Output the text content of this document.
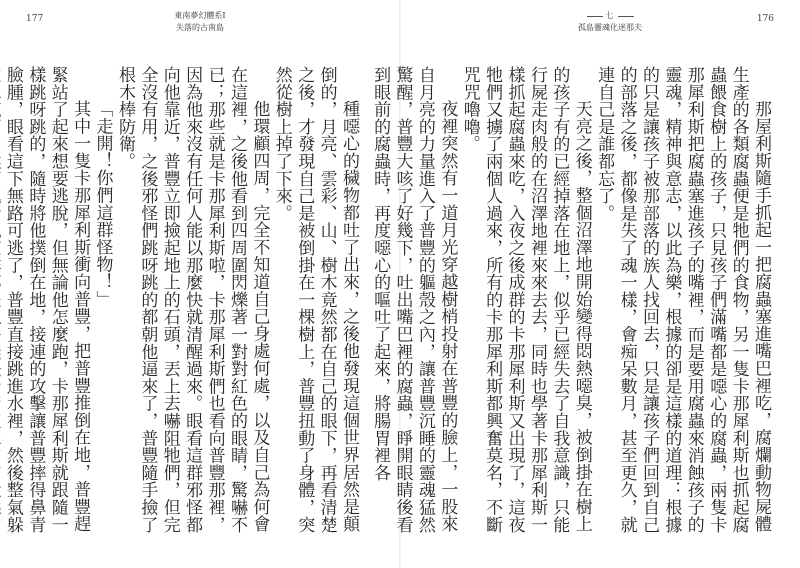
177	東南夢幻體系Ⅰ
失落的古南島

種噁心的穢物都吐了出來，之後他發現這個世界居然是顛倒的，月亮、雲彩、山、樹木竟然都在自己的眼下，再看清楚之後，才發現自己是被倒掛在一棵樹上，普豐扭動了身體，突然從樹上掉了下來。

他環顧四周，完全不知道自己身處何處，以及自己為何會在這裡，之後他看到四周圍閃爍著一對對紅色的眼睛，驚嚇不已；那些就是卡那犀利斯啦，卡那犀利斯們也看向普豐那裡，因為他來沒有任何人能以那麼快就清醒過來。眼看這群邪怪都向他靠近，普豐立即撿起地上的石頭，丟上去嚇阻牠們，但完全沒有用，之後邪怪們跳呀跳的都朝他逼來了，普豐隨手撿了根木棒防衛。

「走開！你們這群怪物！」

其中一隻卡那犀利斯衝向普豐，把普豐推倒在地，普豐趕緊站了起來想要逃脫，但無論他怎麼跑，卡那犀利斯就跟隨一樣跳呀跳的，隨時將他撲倒在地，接連的攻擊讓普豐摔得鼻青臉腫，眼看這下無路可逃了，普豐直接跳進水裡，然後整氣躲

176
七
孤島靈魂化迷那夫

那屋利斯隨手抓起一把腐蟲塞進嘴巴裡吃，腐爛動物屍體生產的各類腐蟲便是牠們的食物，另一隻卡那犀利斯也抓起腐蟲餵食樹上的孩子，只見孩子們滿嘴都是噁心的腐蟲，兩隻卡那犀利斯把腐蟲塞進孩子的嘴裡，而是要用腐蟲來消蝕孩子的靈魂，精神與意志，以此為樂，根據的卻是這樣的道理：根據的只是讓孩子被那部落的族人找回去，只是讓孩子們回到自己的部落之後，都像是失了魂一樣，會痴呆數月，甚至更久，就連自己是誰都忘了。

天亮之後，整個沼澤地開始變得悶熱噁臭，被倒掛在樹上的孩子有的已經掉落在地上，似乎已經失去了自我意識，只能行屍走肉般的在沼澤地裡來來去去，同時也學著卡那犀利斯一樣抓起腐蟲來吃，入夜之後成群的卡那犀利斯又出現了，這夜牠們又擄了兩個人過來，所有的卡那犀利斯都興奮莫名，不斷咒咒嚕嚕。

夜裡突然有一道月光穿越樹梢投射在普豐的臉上，一股來自月亮的力量進入了普豐的軀殼之內，讓普豐沉睡的靈魂猛然驚醒，普豐大咳了好幾下，吐出嘴巴裡的腐蟲，睜開眼睛後看到眼前的腐蟲時，再度噁心的嘔吐了起來，將腸胃裡各
